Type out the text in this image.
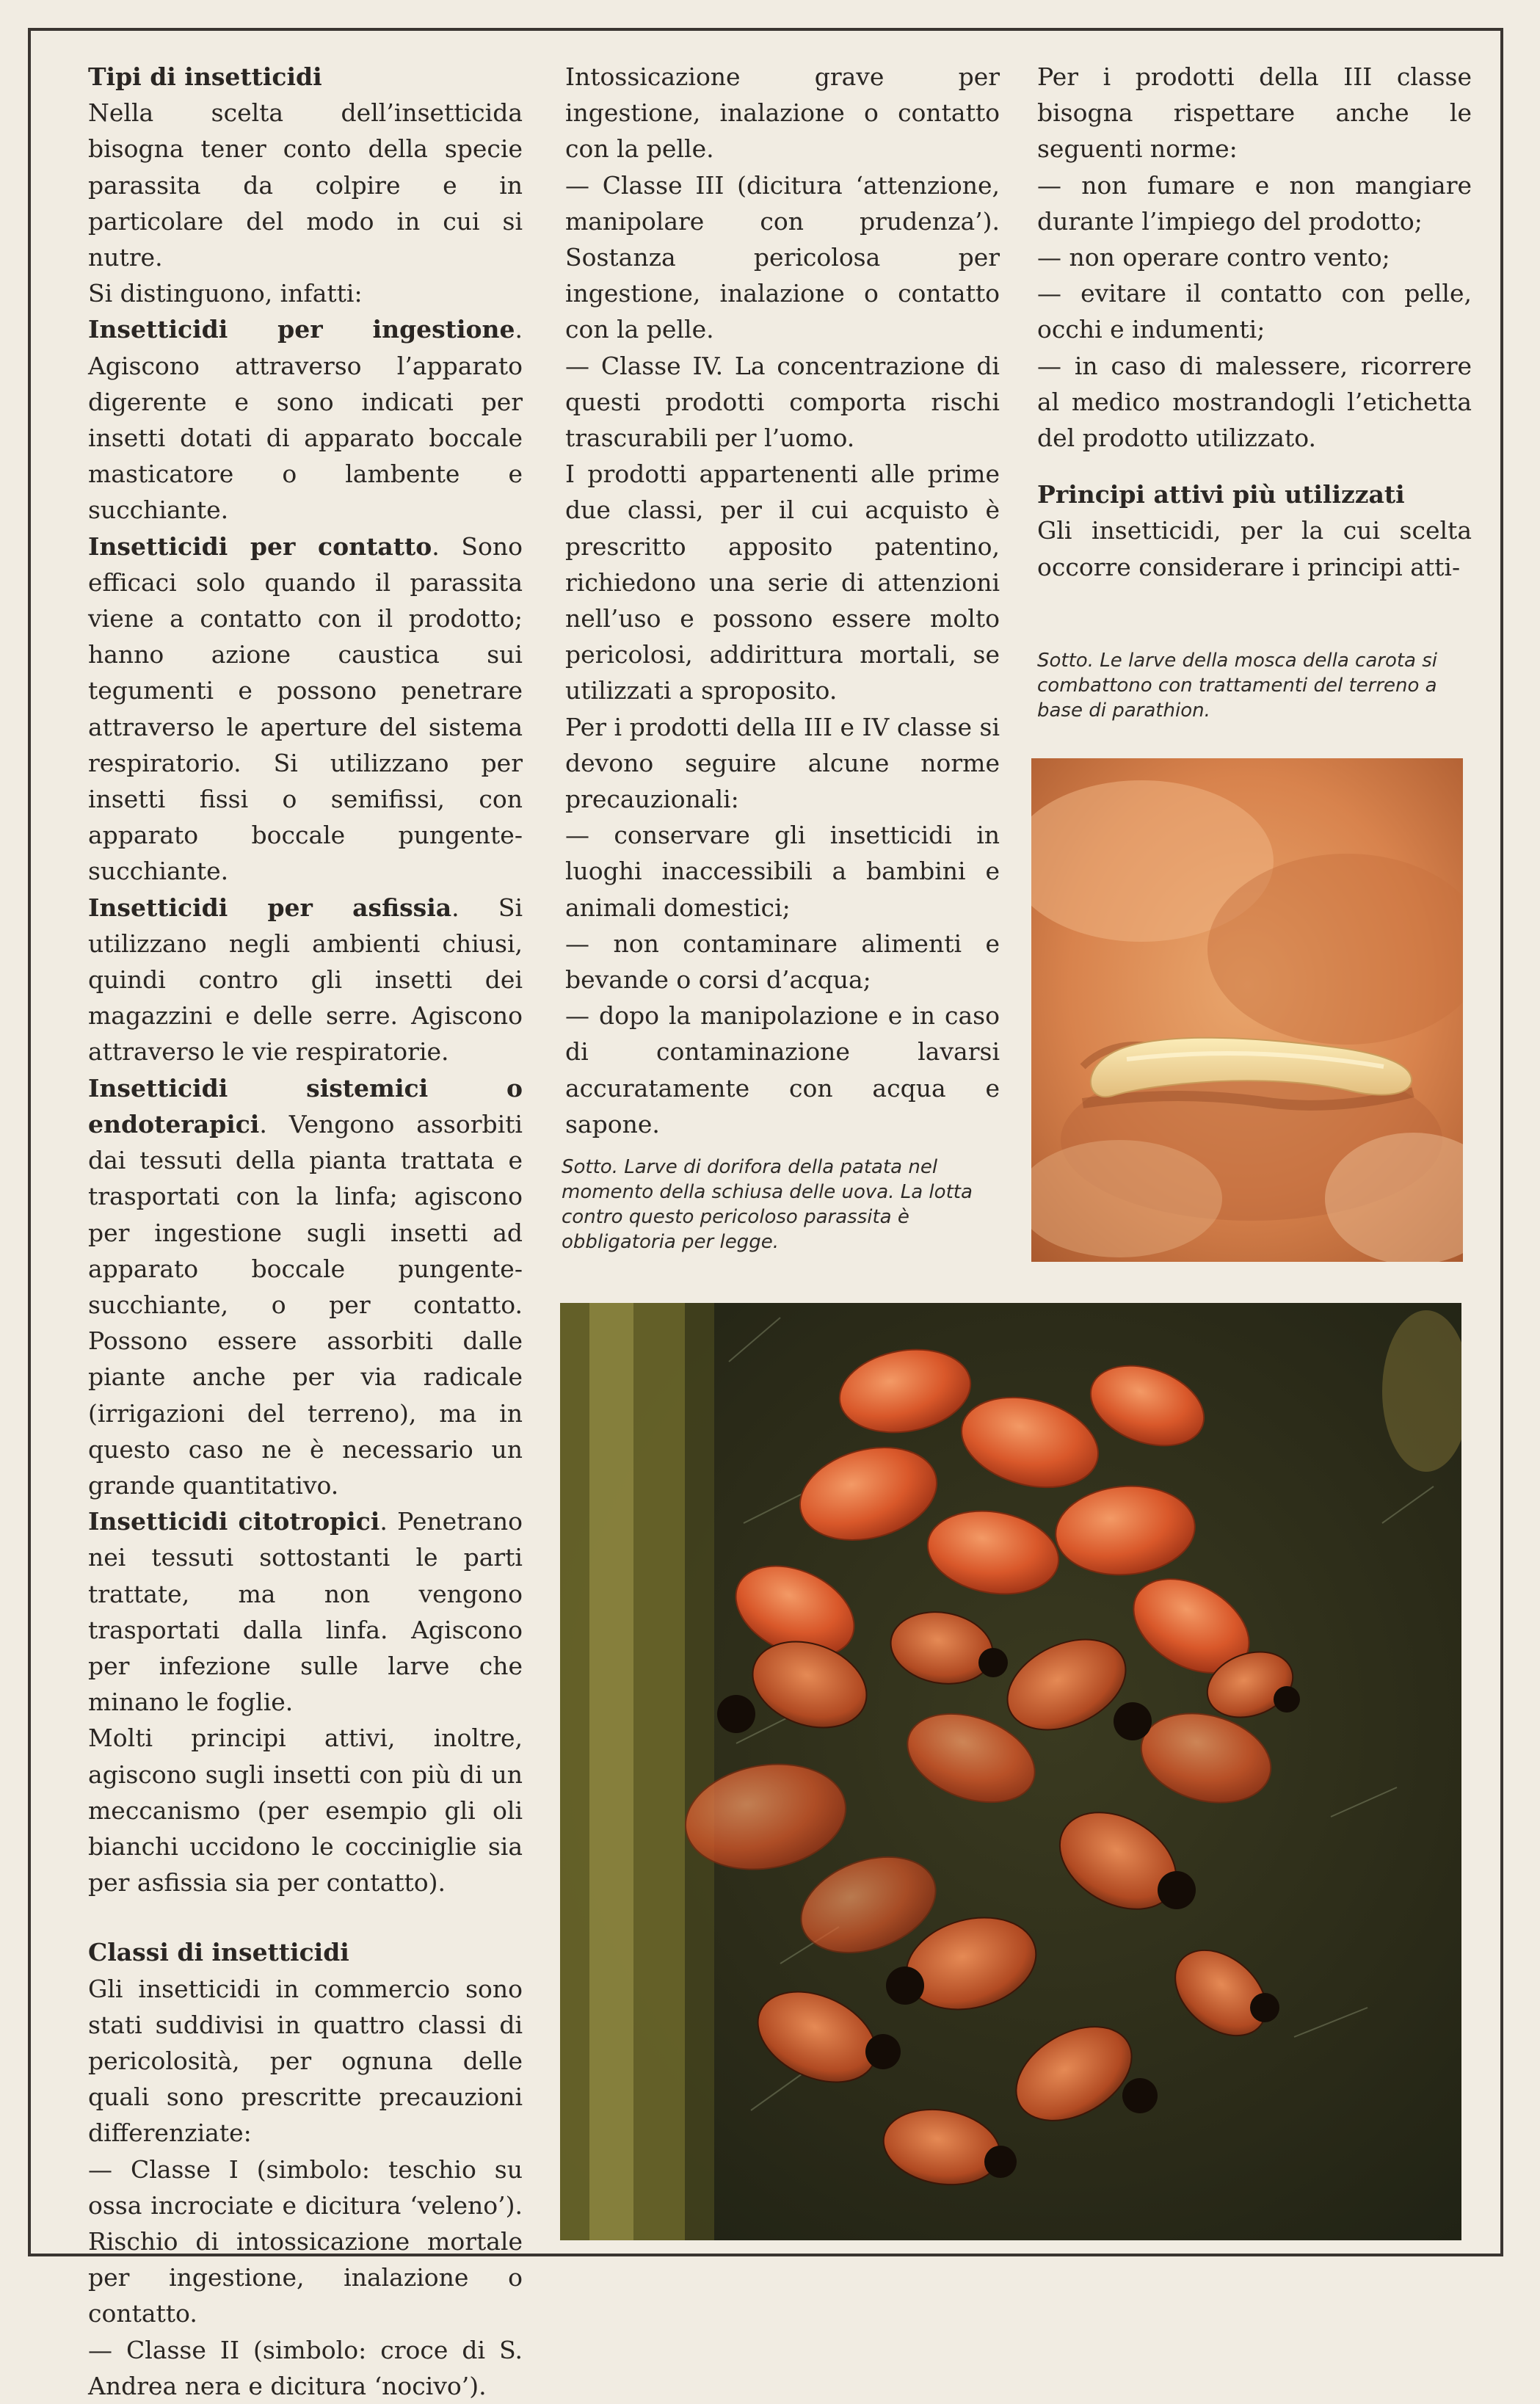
Tipi di insetticidi

Nella scelta dell’insetticida bisogna tener conto della specie parassita da colpire e in particolare del modo in cui si nutre.

Si distinguono, infatti:

Insetticidi per ingestione. Agiscono attraverso l’apparato digerente e sono indicati per insetti dotati di apparato boccale masticatore o lambente e succhiante.

Insetticidi per contatto. Sono efficaci solo quando il parassita viene a contatto con il prodotto; hanno azione caustica sui tegumenti e possono penetrare attraverso le aperture del sistema respiratorio. Si utilizzano per insetti fissi o semifissi, con apparato boccale pungente-succhiante.

Insetticidi per asfissia. Si utilizzano negli ambienti chiusi, quindi contro gli insetti dei magazzini e delle serre. Agiscono attraverso le vie respiratorie.

Insetticidi sistemici o endoterapici. Vengono assorbiti dai tessuti della pianta trattata e trasportati con la linfa; agiscono per ingestione sugli insetti ad apparato boccale pungente-succhiante, o per contatto. Possono essere assorbiti dalle piante anche per via radicale (irrigazioni del terreno), ma in questo caso ne è necessario un grande quantitativo.

Insetticidi citotropici. Penetrano nei tessuti sottostanti le parti trattate, ma non vengono trasportati dalla linfa. Agiscono per infezione sulle larve che minano le foglie.

Molti principi attivi, inoltre, agiscono sugli insetti con più di un meccanismo (per esempio gli oli bianchi uccidono le cocciniglie sia per asfissia sia per contatto).

Classi di insetticidi

Gli insetticidi in commercio sono stati suddivisi in quattro classi di pericolosità, per ognuna delle quali sono prescritte precauzioni differenziate:

— Classe I (simbolo: teschio su ossa incrociate e dicitura ‘veleno’). Rischio di intossicazione mortale per ingestione, inalazione o contatto.

— Classe II (simbolo: croce di S. Andrea nera e dicitura ‘nocivo’).

Intossicazione grave per ingestione, inalazione o contatto con la pelle.

— Classe III (dicitura ‘attenzione, manipolare con prudenza’). Sostanza pericolosa per ingestione, inalazione o contatto con la pelle.

— Classe IV. La concentrazione di questi prodotti comporta rischi trascurabili per l’uomo.

I prodotti appartenenti alle prime due classi, per il cui acquisto è prescritto apposito patentino, richiedono una serie di attenzioni nell’uso e possono essere molto pericolosi, addirittura mortali, se utilizzati a sproposito.

Per i prodotti della III e IV classe si devono seguire alcune norme precauzionali:

— conservare gli insetticidi in luoghi inaccessibili a bambini e animali domestici;

— non contaminare alimenti e bevande o corsi d’acqua;

— dopo la manipolazione e in caso di contaminazione lavarsi accuratamente con acqua e sapone.

Per i prodotti della III classe bisogna rispettare anche le seguenti norme:

— non fumare e non mangiare durante l’impiego del prodotto;

— non operare contro vento;

— evitare il contatto con pelle, occhi e indumenti;

— in caso di malessere, ricorrere al medico mostrandogli l’etichetta del prodotto utilizzato.

Principi attivi più utilizzati

Gli insetticidi, per la cui scelta occorre considerare i principi atti-

Sotto. Larve di dorifora della patata nel momento della schiusa delle uova. La lotta contro questo pericoloso parassita è obbligatoria per legge.
Sotto. Le larve della mosca della carota si combattono con trattamenti del terreno a base di parathion.
